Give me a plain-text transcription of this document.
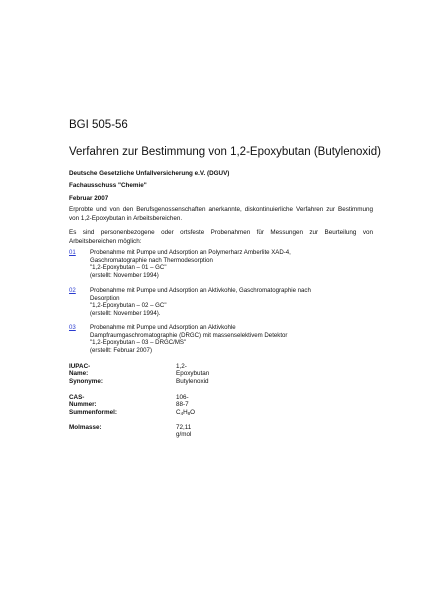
BGI 505-56
Verfahren zur Bestimmung von 1,2-Epoxybutan (Butylenoxid)
Deutsche Gesetzliche Unfallversicherung e.V. (DGUV)
Fachausschuss "Chemie"
Februar 2007
Erprobte und von den Berufsgenossenschaften anerkannte, diskontinuierliche Verfahren zur Bestimmung von 1,2-Epoxybutan in Arbeitsbereichen.
Es sind personenbezogene oder ortsfeste Probenahmen für Messungen zur Beurteilung von Arbeitsbereichen möglich:
01 Probenahme mit Pumpe und Adsorption an Polymerharz Amberlite XAD-4,
Gaschromatographie nach Thermodesorption
"1,2-Epoxybutan – 01 – GC"
(erstellt: November 1994)
02 Probenahme mit Pumpe und Adsorption an Aktivkohle, Gaschromatographie nach
Desorption
"1,2-Epoxybutan – 02 – GC"
(erstellt: November 1994).
03 Probenahme mit Pumpe und Adsorption an Aktivkohle
Dampfraumgaschromatographie (DRGC) mit massenselektivem Detektor
"1,2-Epoxybutan – 03 – DRGC/MS"
(erstellt: Februar 2007)
IUPAC-Name:
1,2-Epoxybutan
Synonyme:	Butylenoxid
CAS-Nummer:
106-88-7
Summenformel:	$C_4H_8O$
Molmasse:	72,11 g/mol
